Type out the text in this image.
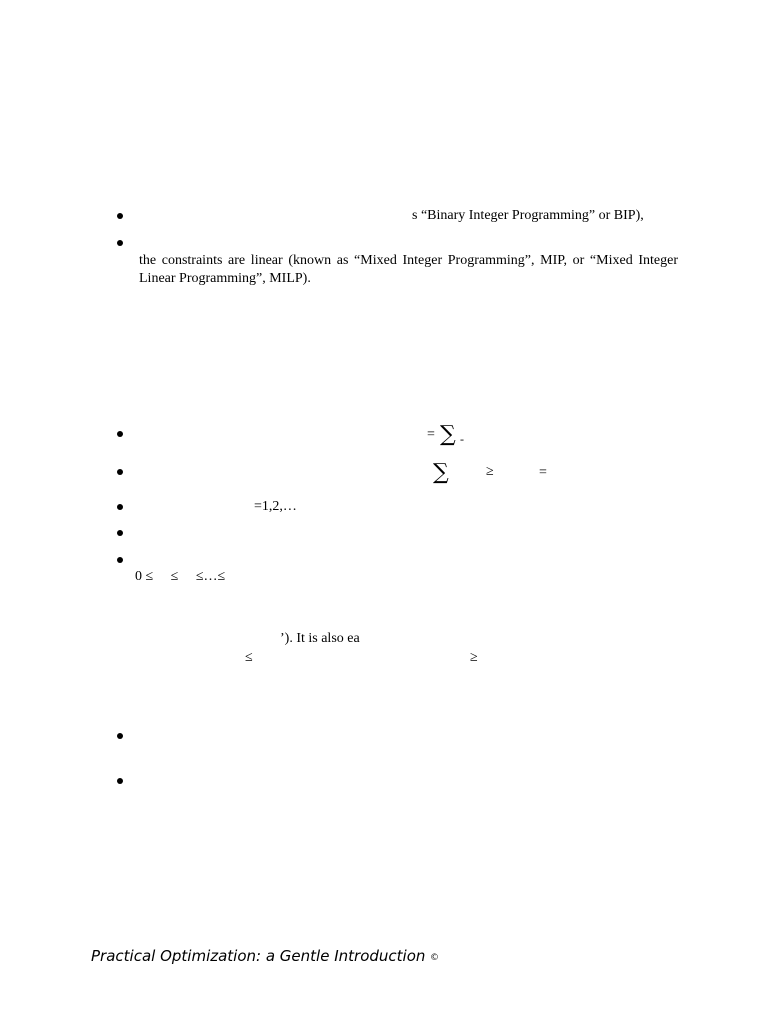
s “Binary Integer Programming” or BIP),
the constraints are linear (known as “Mixed Integer Programming”, MIP, or “Mixed Integer Linear Programming”, MILP).
= ∑ -
∑	≥	=
=1,2,…
0 ≤     ≤     ≤…≤
’). It is also ea
≤	≥
Practical Optimization: a Gentle Introduction ©
